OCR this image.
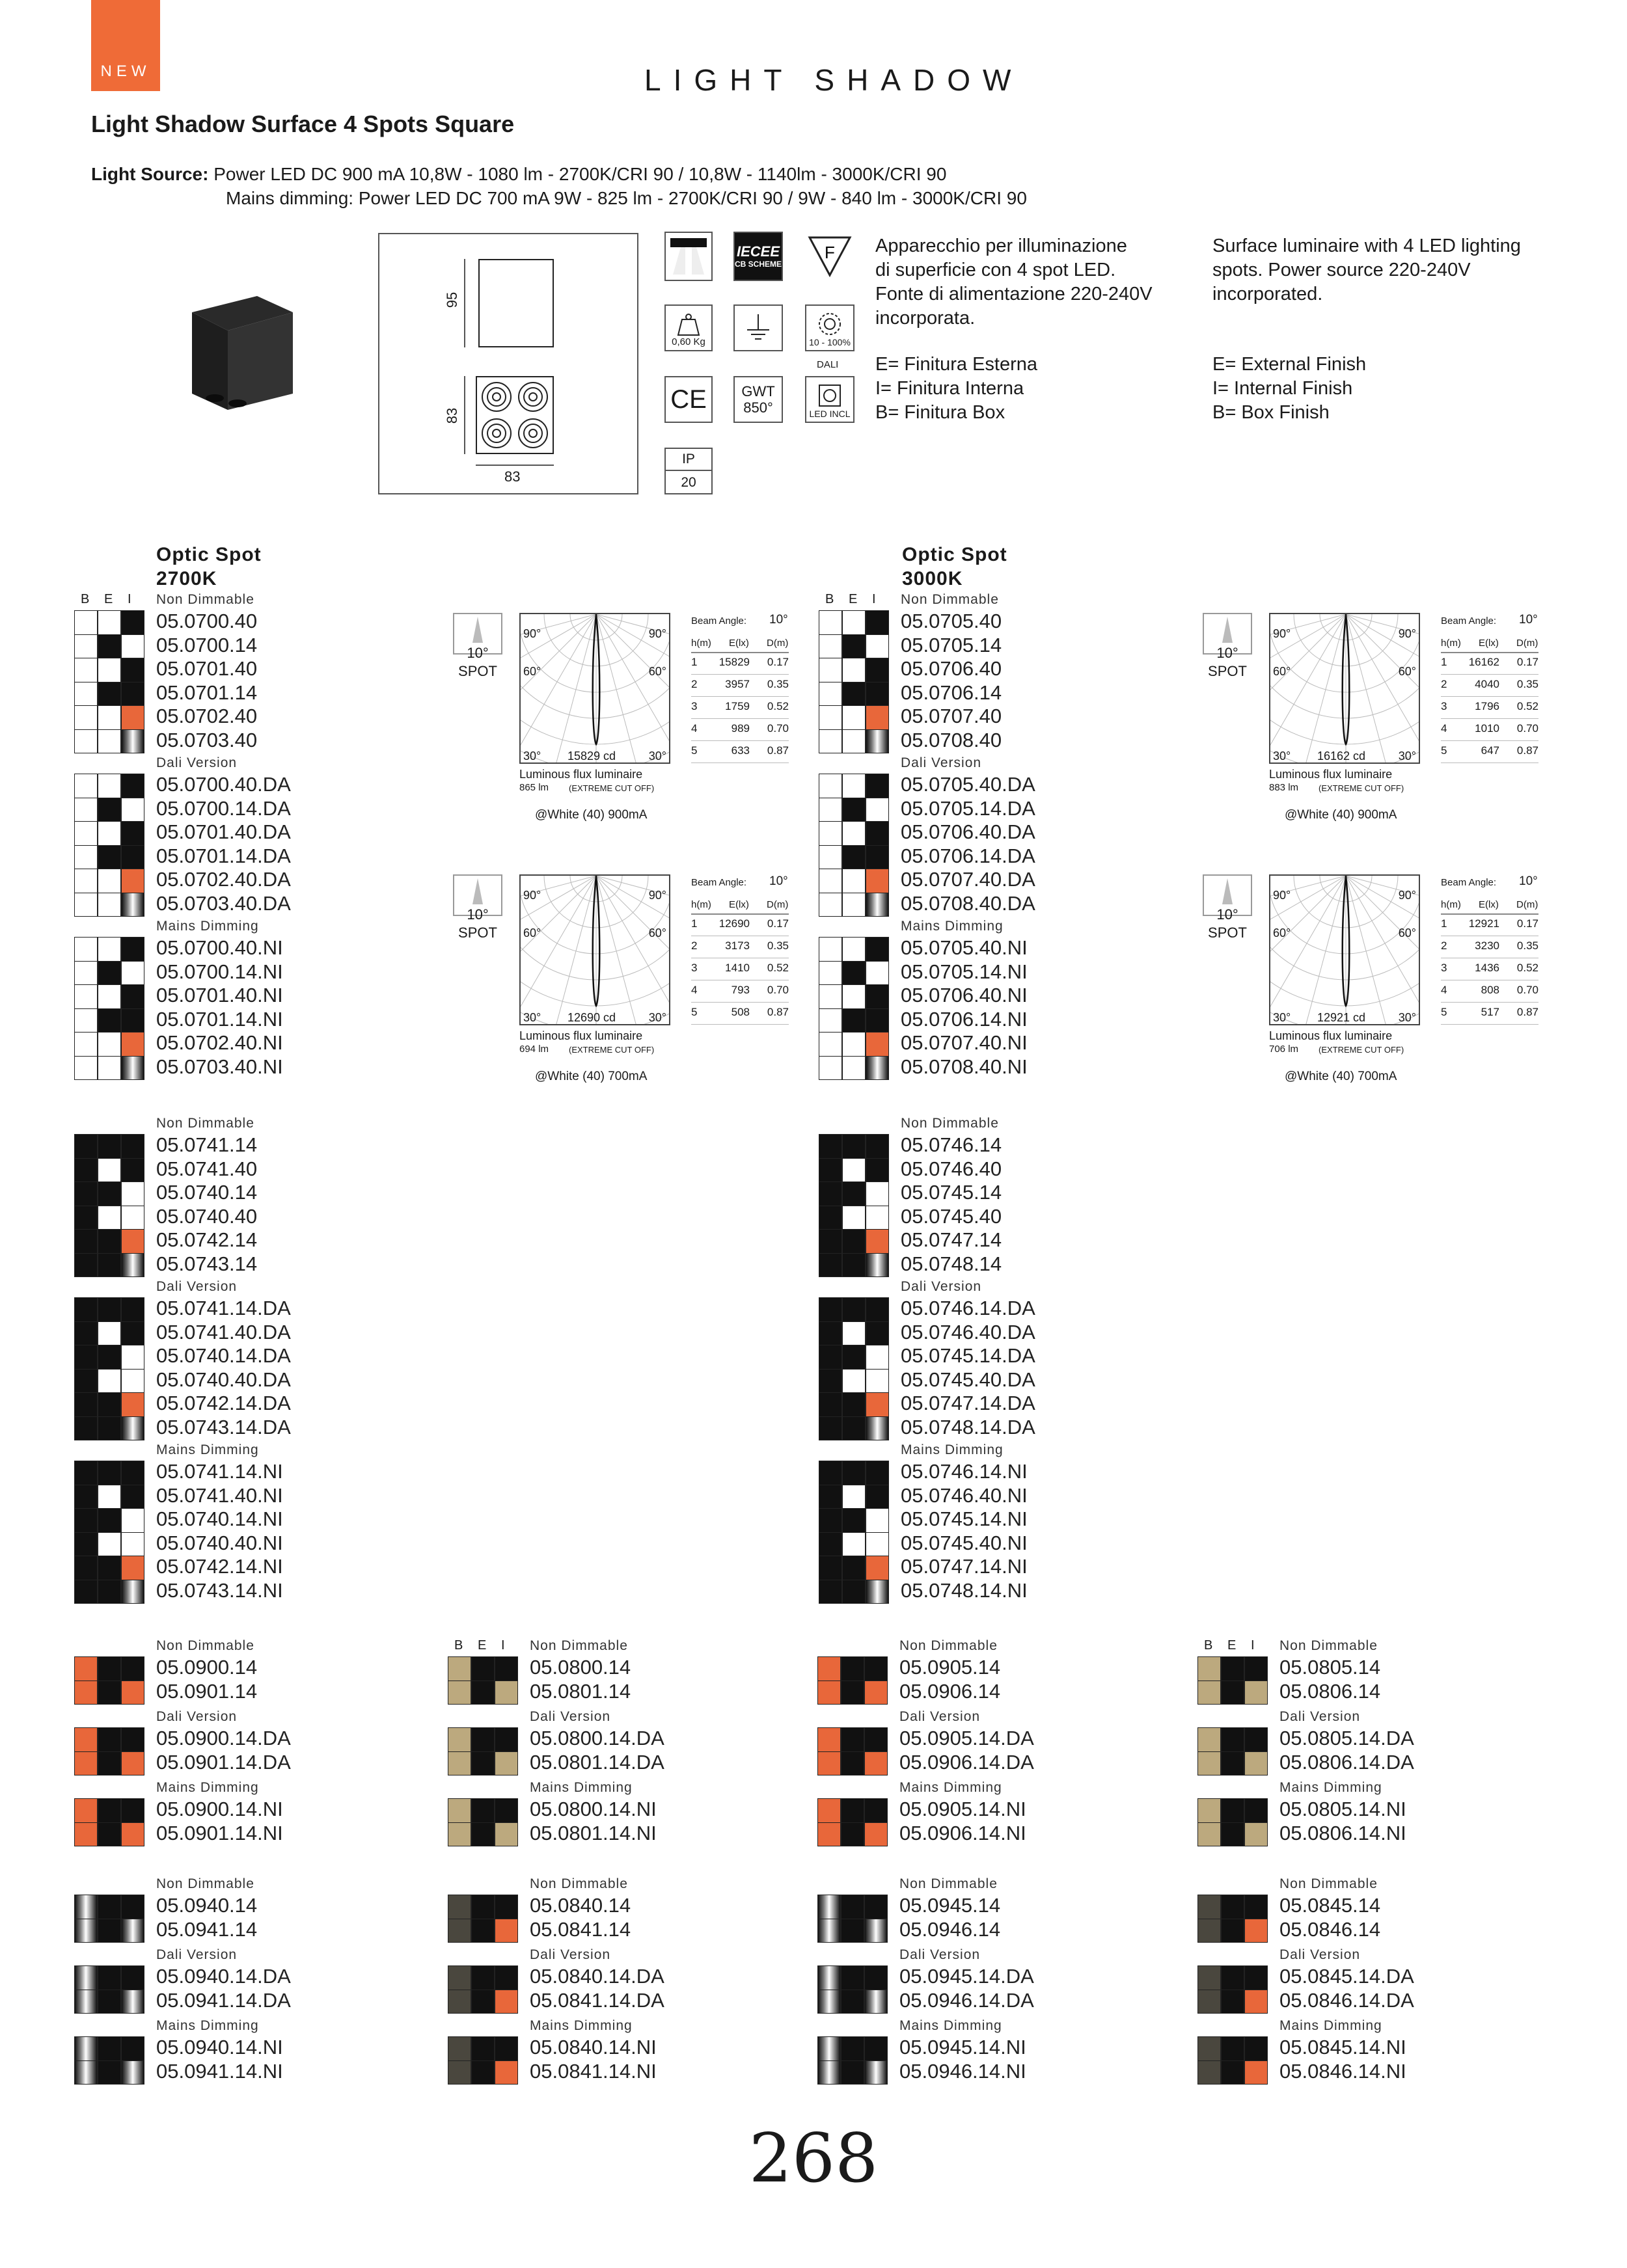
NEW	LIGHT SHADOW
Light Shadow Surface 4 Spots Square
Light Source: Power LED DC 900 mA 10,8W - 1080 lm - 2700K/CRI 90 / 10,8W - 1140lm - 3000K/CRI 90
Mains dimming: Power LED DC 700 mA 9W - 825 lm - 2700K/CRI 90 / 9W - 840 lm - 3000K/CRI 90
95
83
83
IECEE
CB SCHEME
F
0,60 Kg	10 - 100%
DALI
CE	GWT
850°	LED INCL
IP
20
Apparecchio per illuminazione
di superficie con 4 spot LED.
Fonte di alimentazione 220-240V
incorporata.
Surface luminaire with 4 LED lighting
spots. Power source 220-240V
incorporated.
E= Finitura Esterna
I= Finitura Interna
B= Finitura Box
E= External Finish
I= Internal Finish
B= Box Finish
Optic Spot
2700K
Optic Spot
3000K
B E I Non Dimmable
05.0700.40
05.0700.14
05.0701.40
05.0701.14
05.0702.40
05.0703.40
Dali Version
05.0700.40.DA
05.0700.14.DA
05.0701.40.DA
05.0701.14.DA
05.0702.40.DA
05.0703.40.DA
Mains Dimming
05.0700.40.NI
05.0700.14.NI
05.0701.40.NI
05.0701.14.NI
05.0702.40.NI
05.0703.40.NI
B E I Non Dimmable
05.0705.40
05.0705.14
05.0706.40
05.0706.14
05.0707.40
05.0708.40
Dali Version
05.0705.40.DA
05.0705.14.DA
05.0706.40.DA
05.0706.14.DA
05.0707.40.DA
05.0708.40.DA
Mains Dimming
05.0705.40.NI
05.0705.14.NI
05.0706.40.NI
05.0706.14.NI
05.0707.40.NI
05.0708.40.NI
Non Dimmable
05.0741.14
05.0741.40
05.0740.14
05.0740.40
05.0742.14
05.0743.14
Dali Version
05.0741.14.DA
05.0741.40.DA
05.0740.14.DA
05.0740.40.DA
05.0742.14.DA
05.0743.14.DA
Mains Dimming
05.0741.14.NI
05.0741.40.NI
05.0740.14.NI
05.0740.40.NI
05.0742.14.NI
05.0743.14.NI
Non Dimmable
05.0746.14
05.0746.40
05.0745.14
05.0745.40
05.0747.14
05.0748.14
Dali Version
05.0746.14.DA
05.0746.40.DA
05.0745.14.DA
05.0745.40.DA
05.0747.14.DA
05.0748.14.DA
Mains Dimming
05.0746.14.NI
05.0746.40.NI
05.0745.14.NI
05.0745.40.NI
05.0747.14.NI
05.0748.14.NI
Non Dimmable
05.0900.14
05.0901.14
Dali Version
05.0900.14.DA
05.0901.14.DA
Mains Dimming
05.0900.14.NI
05.0901.14.NI
B E I Non Dimmable
05.0800.14
05.0801.14
Dali Version
05.0800.14.DA
05.0801.14.DA
Mains Dimming
05.0800.14.NI
05.0801.14.NI
Non Dimmable
05.0905.14
05.0906.14
Dali Version
05.0905.14.DA
05.0906.14.DA
Mains Dimming
05.0905.14.NI
05.0906.14.NI
B E I Non Dimmable
05.0805.14
05.0806.14
Dali Version
05.0805.14.DA
05.0806.14.DA
Mains Dimming
05.0805.14.NI
05.0806.14.NI
Non Dimmable
05.0940.14
05.0941.14
Dali Version
05.0940.14.DA
05.0941.14.DA
Mains Dimming
05.0940.14.NI
05.0941.14.NI
Non Dimmable
05.0840.14
05.0841.14
Dali Version
05.0840.14.DA
05.0841.14.DA
Mains Dimming
05.0840.14.NI
05.0841.14.NI
Non Dimmable
05.0945.14
05.0946.14
Dali Version
05.0945.14.DA
05.0946.14.DA
Mains Dimming
05.0945.14.NI
05.0946.14.NI
Non Dimmable
05.0845.14
05.0846.14
Dali Version
05.0845.14.DA
05.0846.14.DA
Mains Dimming
05.0845.14.NI
05.0846.14.NI
10°
SPOT
90°	90°
60°	60°
30°	30°
15829 cd
Luminous flux luminaire
865 lm (EXTREME CUT OFF)
@White (40) 900mA
Beam Angle: 10°
h(m) E(lx) D(m)
1	15829	0.17
2	3957	0.35
3	1759	0.52
4	989	0.70
5	633	0.87
10°
SPOT
90°	90°
60°	60°
30°	30°
12690 cd
Luminous flux luminaire
694 lm (EXTREME CUT OFF)
@White (40) 700mA
Beam Angle: 10°
h(m) E(lx) D(m)
1	12690	0.17
2	3173	0.35
3	1410	0.52
4	793	0.70
5	508	0.87
10°
SPOT
90°	90°
60°	60°
30°	30°
16162 cd
Luminous flux luminaire
883 lm (EXTREME CUT OFF)
@White (40) 900mA
Beam Angle: 10°
h(m) E(lx) D(m)
1	16162	0.17
2	4040	0.35
3	1796	0.52
4	1010	0.70
5	647	0.87
10°
SPOT
90°	90°
60°	60°
30°	30°
12921 cd
Luminous flux luminaire
706 lm (EXTREME CUT OFF)
@White (40) 700mA
Beam Angle: 10°
h(m) E(lx) D(m)
1	12921	0.17
2	3230	0.35
3	1436	0.52
4	808	0.70
5	517	0.87
268
